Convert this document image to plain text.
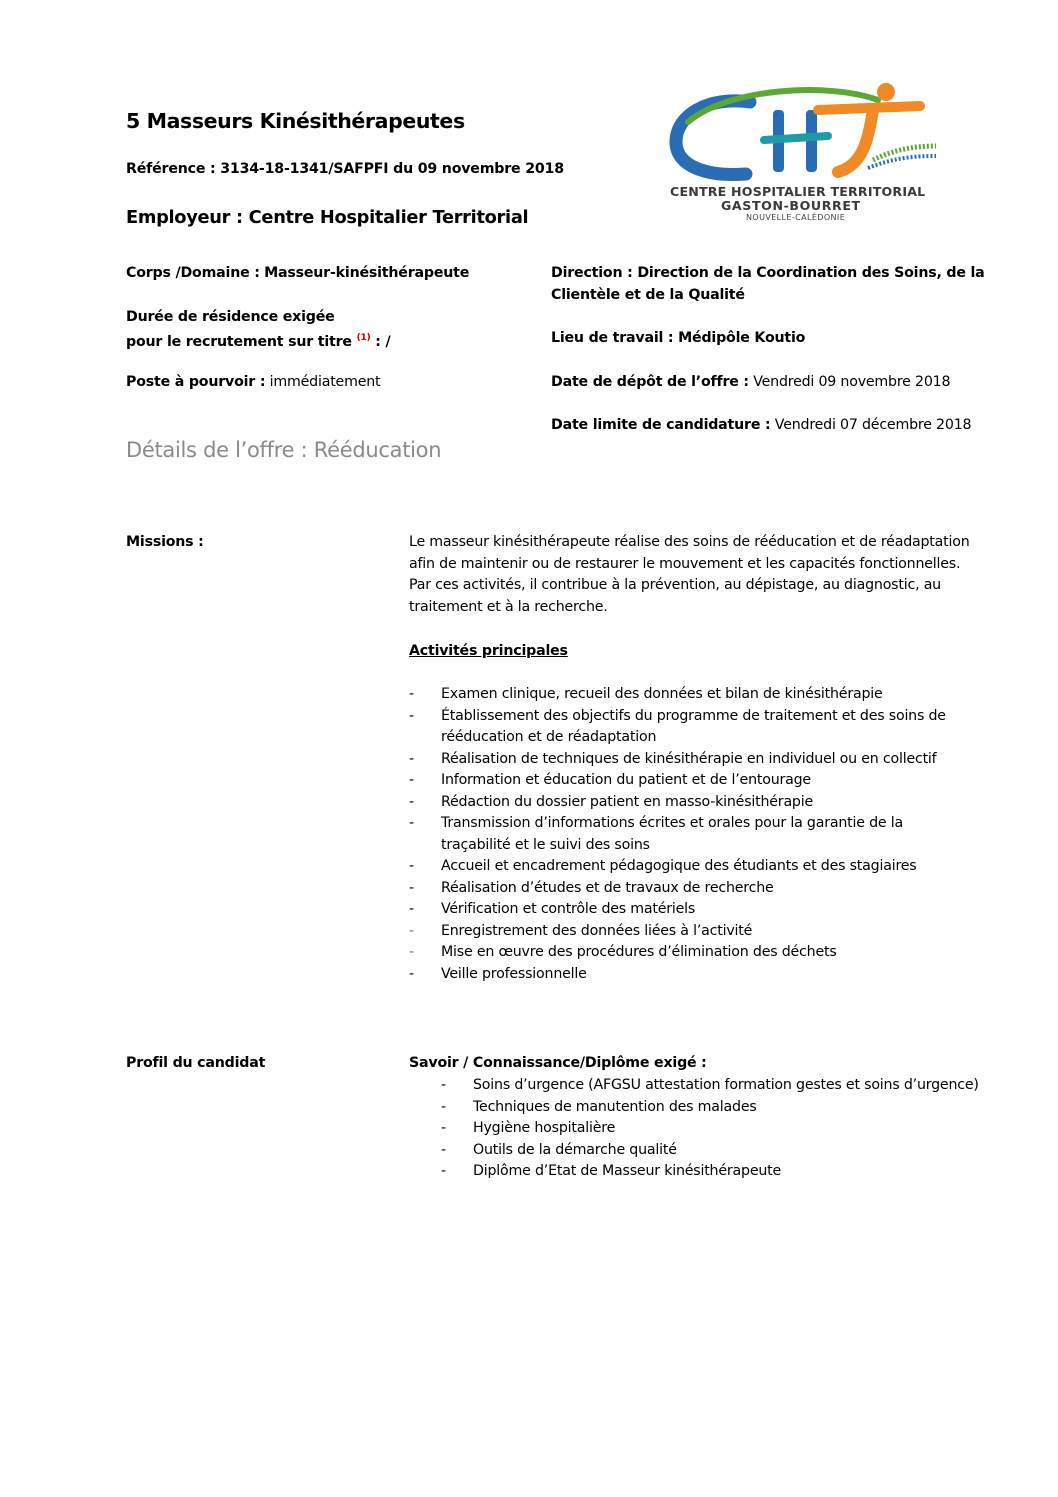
5 Masseurs Kinésithérapeutes
Référence : 3134-18-1341/SAFPFI du 09 novembre 2018
Employeur : Centre Hospitalier Territorial
CENTRE HOSPITALIER TERRITORIAL
GASTON-BOURRET
NOUVELLE-CALÉDONIE
Corps /Domaine : Masseur-kinésithérapeute
Durée de résidence exigée
pour le recrutement sur titre $^{(1)}$ : /
Poste à pourvoir : immédiatement
Direction : Direction de la Coordination des Soins, de la
Clientèle et de la Qualité
Lieu de travail : Médipôle Koutio
Date de dépôt de l’offre : Vendredi 09 novembre 2018
Date limite de candidature : Vendredi 07 décembre 2018
Détails de l’offre : Rééducation
Missions :	Le masseur kinésithérapeute réalise des soins de rééducation et de réadaptation
afin de maintenir ou de restaurer le mouvement et les capacités fonctionnelles.
Par ces activités, il contribue à la prévention, au dépistage, au diagnostic, au
traitement et à la recherche.
Activités principales
- Examen clinique, recueil des données et bilan de kinésithérapie
- Établissement des objectifs du programme de traitement et des soins de
rééducation et de réadaptation
- Réalisation de techniques de kinésithérapie en individuel ou en collectif
- Information et éducation du patient et de l’entourage
- Rédaction du dossier patient en masso-kinésithérapie
- Transmission d’informations écrites et orales pour la garantie de la
traçabilité et le suivi des soins
- Accueil et encadrement pédagogique des étudiants et des stagiaires
- Réalisation d’études et de travaux de recherche
- Vérification et contrôle des matériels
- Enregistrement des données liées à l’activité
- Mise en œuvre des procédures d’élimination des déchets
- Veille professionnelle
Profil du candidat	Savoir / Connaissance/Diplôme exigé :
- Soins d’urgence (AFGSU attestation formation gestes et soins d’urgence)
- Techniques de manutention des malades
- Hygiène hospitalière
- Outils de la démarche qualité
- Diplôme d’Etat de Masseur kinésithérapeute
